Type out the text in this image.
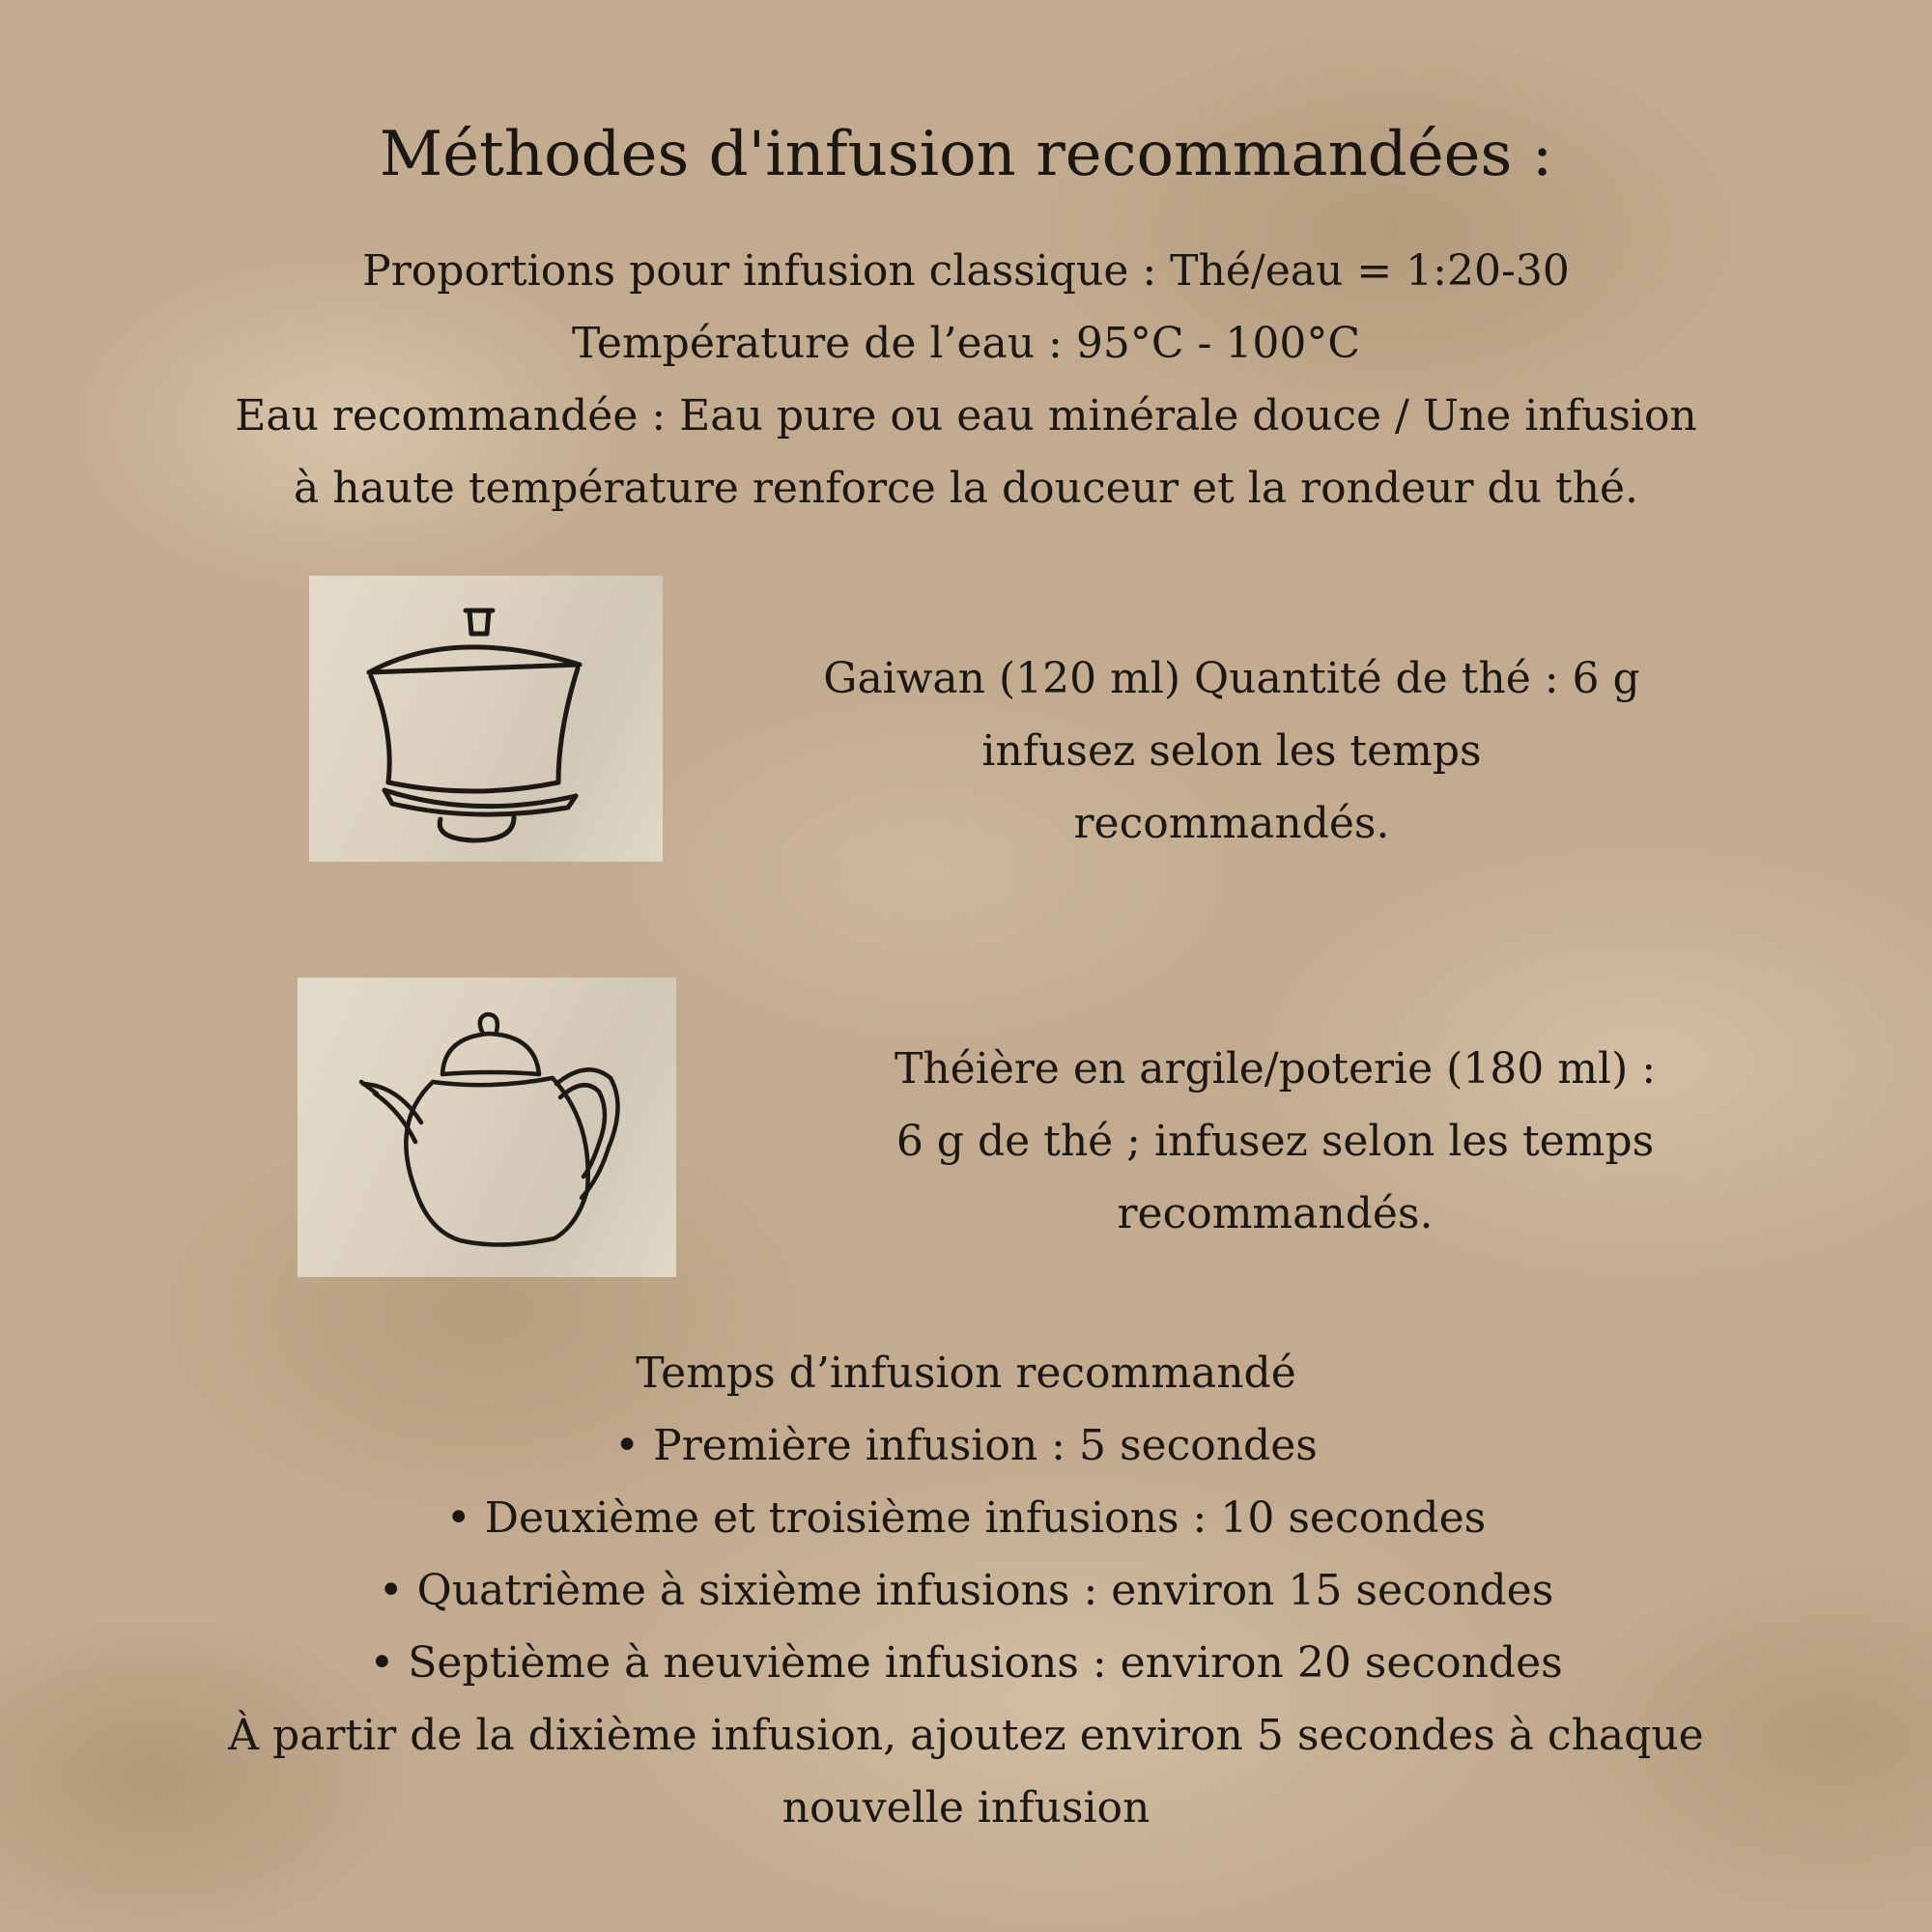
Méthodes d'infusion recommandées :

Proportions pour infusion classique : Thé/eau = 1:20-30

Température de l’eau : 95°C - 100°C

Eau recommandée : Eau pure ou eau minérale douce / Une infusion

à haute température renforce la douceur et la rondeur du thé.

Gaiwan (120 ml) Quantité de thé : 6 g

infusez selon les temps

recommandés.

Théière en argile/poterie (180 ml) :

6 g de thé ; infusez selon les temps

recommandés.

Temps d’infusion recommandé

• Première infusion : 5 secondes

• Deuxième et troisième infusions : 10 secondes

• Quatrième à sixième infusions : environ 15 secondes

• Septième à neuvième infusions : environ 20 secondes

À partir de la dixième infusion, ajoutez environ 5 secondes à chaque

nouvelle infusion
